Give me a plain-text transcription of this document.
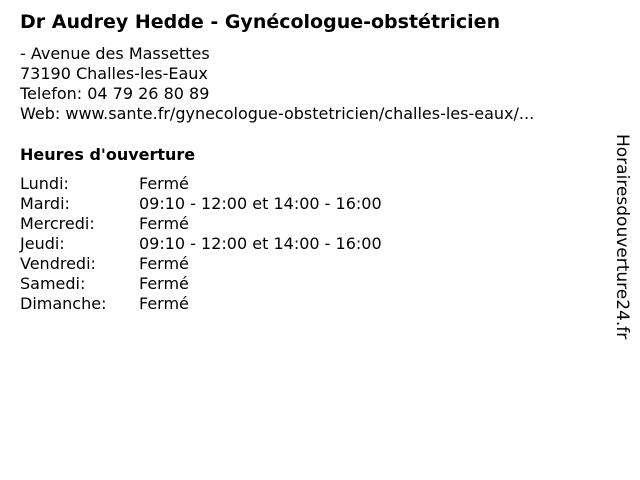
Dr Audrey Hedde - Gynécologue-obstétricien
- Avenue des Massettes
73190 Challes-les-Eaux
Telefon: 04 79 26 80 89
Web: www.sante.fr/gynecologue-obstetricien/challes-les-eaux/...
Heures d'ouverture
Lundi:	Fermé
Mardi:	09:10 - 12:00 et 14:00 - 16:00
Mercredi:	Fermé
Jeudi:	09:10 - 12:00 et 14:00 - 16:00
Vendredi:	Fermé
Samedi:	Fermé
Dimanche:	Fermé	Horairesdouverture24.fr
